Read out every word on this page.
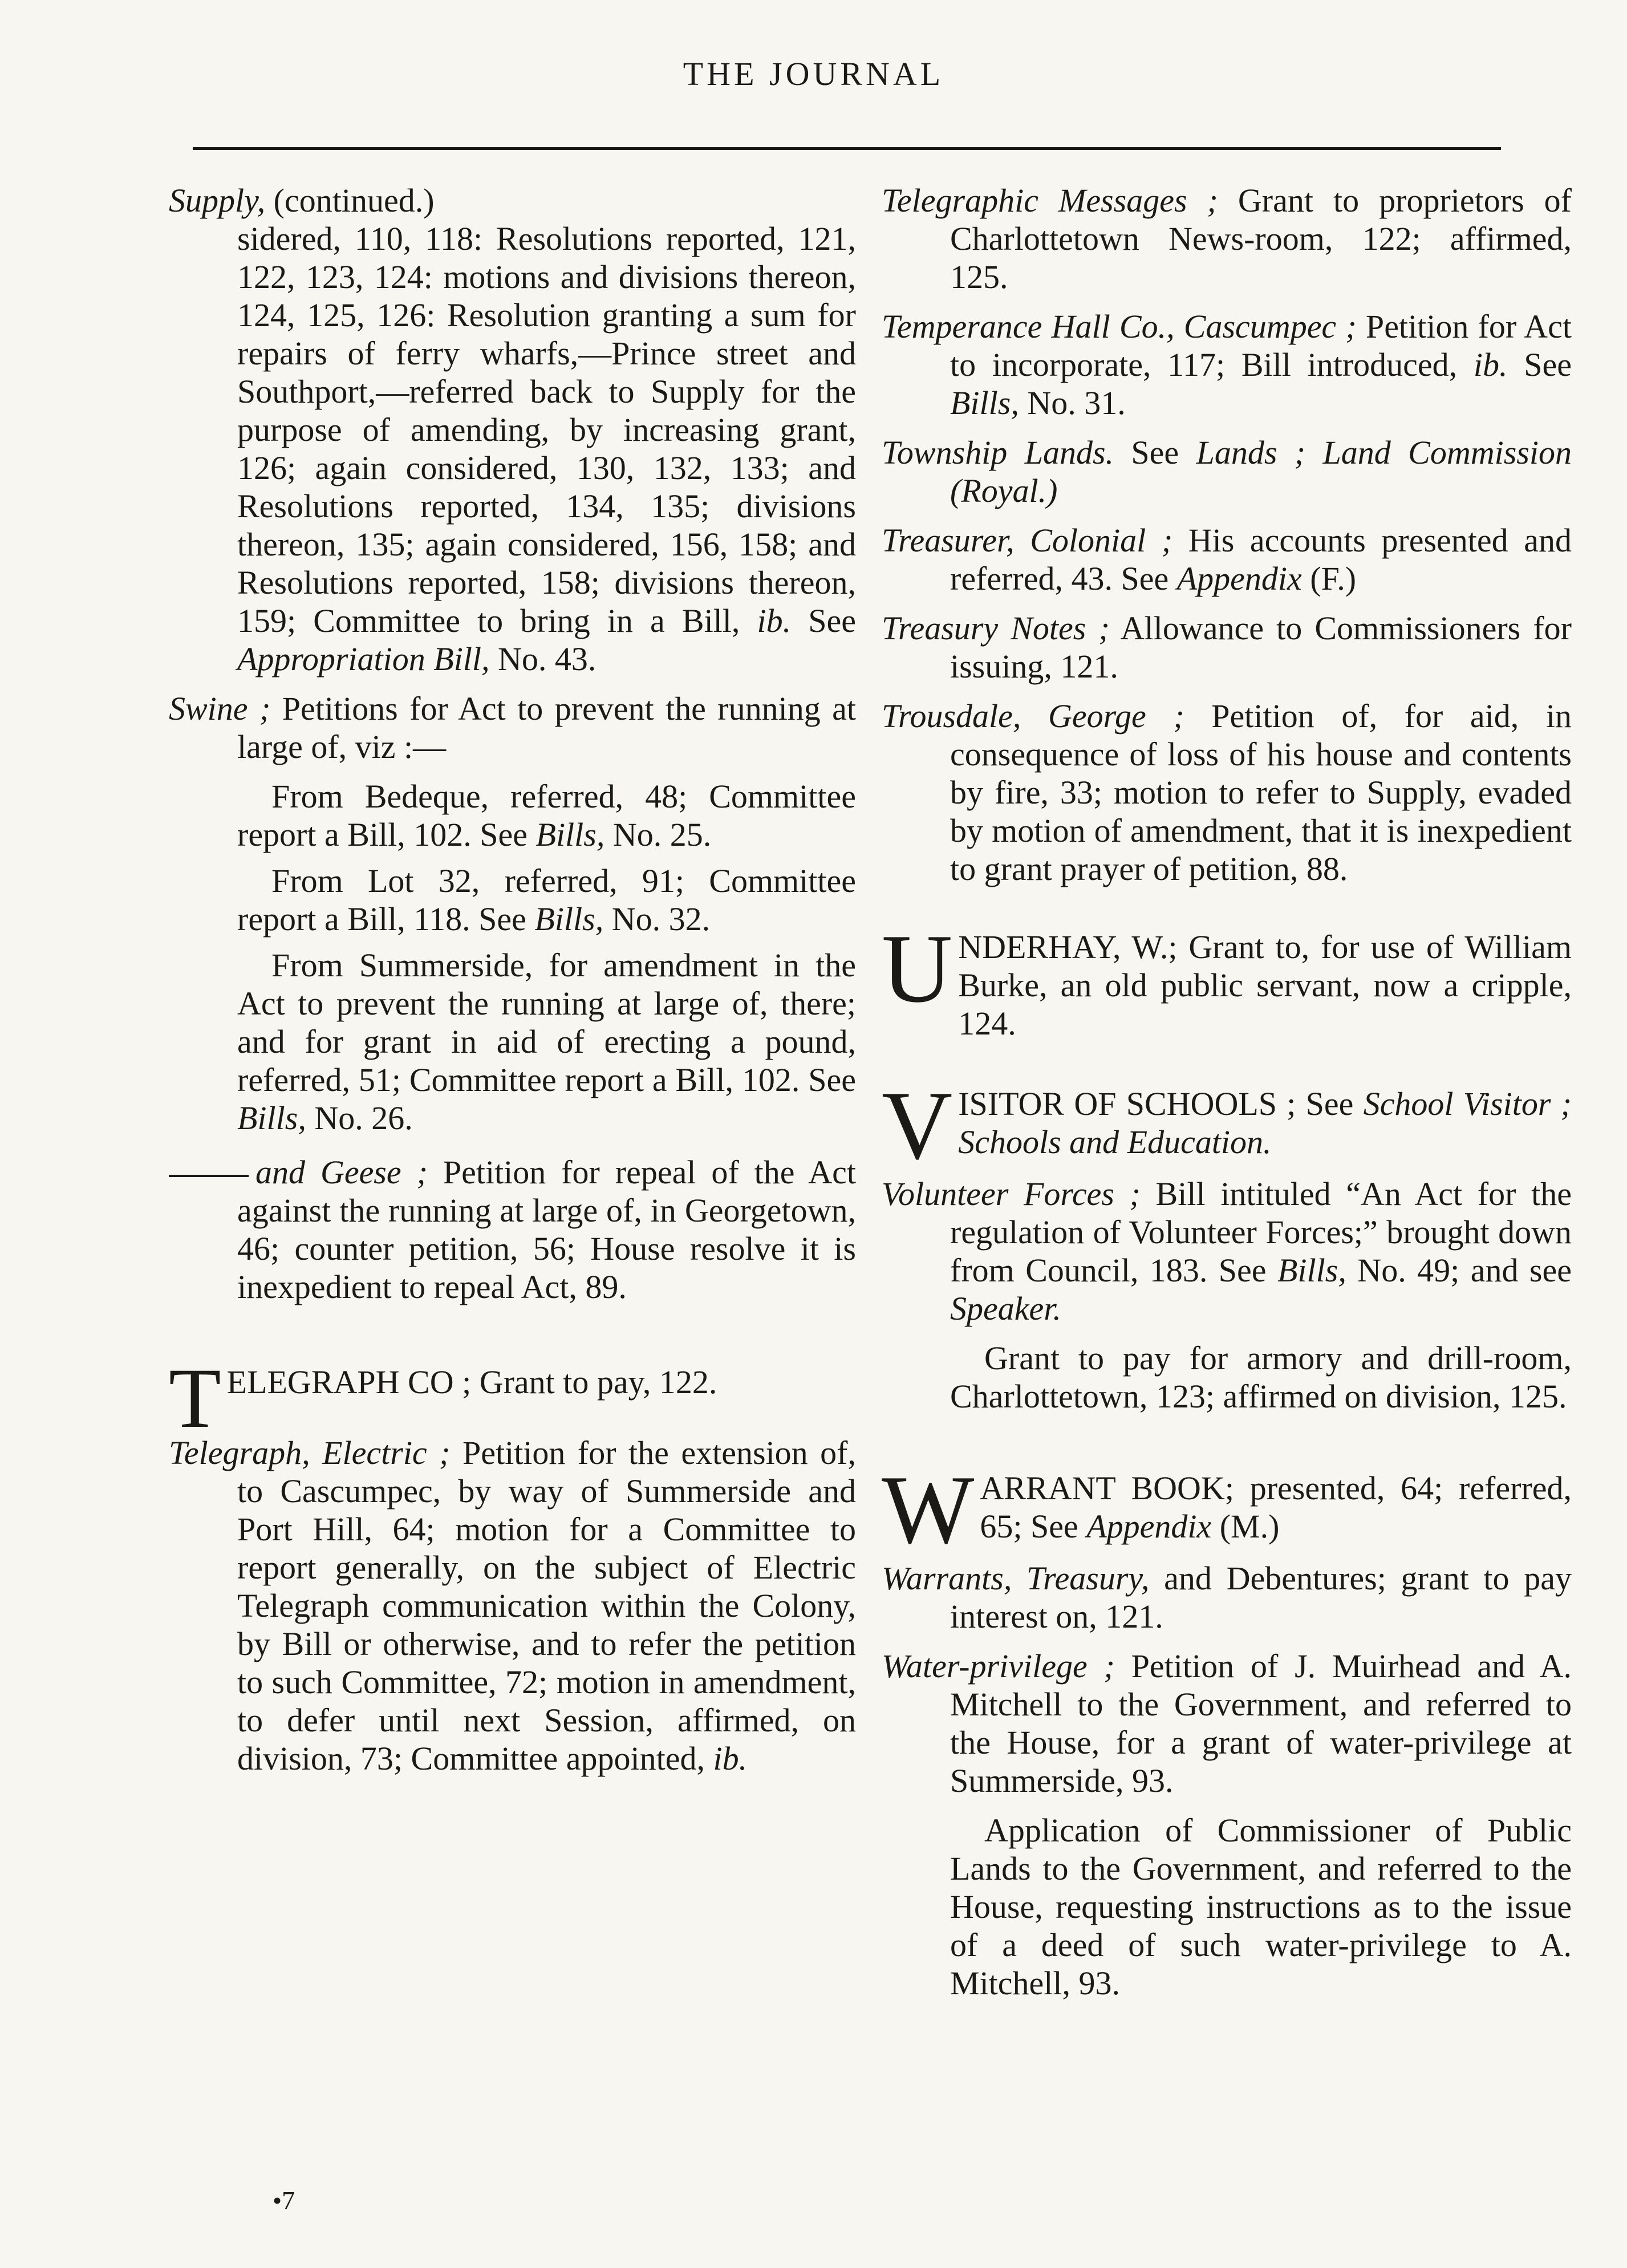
THE JOURNAL
Supply, (continued.)
sidered, 110, 118: Resolutions reported, 121, 122, 123, 124: motions and divisions thereon, 124, 125, 126: Resolution granting a sum for repairs of ferry wharfs,—Prince street and Southport,—referred back to Supply for the purpose of amending, by increasing grant, 126; again considered, 130, 132, 133; and Resolutions reported, 134, 135; divisions thereon, 135; again considered, 156, 158; and Resolutions reported, 158; divisions thereon, 159; Committee to bring in a Bill, ib. See Appropriation Bill, No. 43.
Swine ; Petitions for Act to prevent the running at large of, viz :—
From Bedeque, referred, 48; Committee report a Bill, 102. See Bills, No. 25.
From Lot 32, referred, 91; Committee report a Bill, 118. See Bills, No. 32.
From Summerside, for amendment in the Act to prevent the running at large of, there; and for grant in aid of erecting a pound, referred, 51; Committee report a Bill, 102. See Bills, No. 26.
and Geese ; Petition for repeal of the Act against the running at large of, in Georgetown, 46; counter petition, 56; House resolve it is inexpedient to repeal Act, 89.
TELEGRAPH CO ; Grant to pay, 122.
Telegraph, Electric ; Petition for the extension of, to Cascumpec, by way of Summerside and Port Hill, 64; motion for a Committee to report generally, on the subject of Electric Telegraph communication within the Colony, by Bill or otherwise, and to refer the petition to such Committee, 72; motion in amendment, to defer until next Session, affirmed, on division, 73; Committee appointed, ib.
Telegraphic Messages ; Grant to proprietors of Charlottetown News-room, 122; affirmed, 125.
Temperance Hall Co., Cascumpec ; Petition for Act to incorporate, 117; Bill introduced, ib. See Bills, No. 31.
Township Lands. See Lands ; Land Commission (Royal.)
Treasurer, Colonial ; His accounts presented and referred, 43. See Appendix (F.)
Treasury Notes ; Allowance to Commissioners for issuing, 121.
Trousdale, George ; Petition of, for aid, in consequence of loss of his house and contents by fire, 33; motion to refer to Supply, evaded by motion of amendment, that it is inexpedient to grant prayer of petition, 88.
UNDERHAY, W.; Grant to, for use of William Burke, an old public servant, now a cripple, 124.
VISITOR OF SCHOOLS ; See School Visitor ; Schools and Education.
Volunteer Forces ; Bill intituled “An Act for the regulation of Volunteer Forces;” brought down from Council, 183. See Bills, No. 49; and see Speaker.
Grant to pay for armory and drill-room, Charlottetown, 123; affirmed on division, 125.
WARRANT BOOK; presented, 64; referred, 65; See Appendix (M.)
Warrants, Treasury, and Debentures; grant to pay interest on, 121.
Water-privilege ; Petition of J. Muirhead and A. Mitchell to the Government, and referred to the House, for a grant of water-privilege at Summerside, 93.
Application of Commissioner of Public Lands to the Government, and referred to the House, requesting instructions as to the issue of a deed of such water-privilege to A. Mitchell, 93.
•7
